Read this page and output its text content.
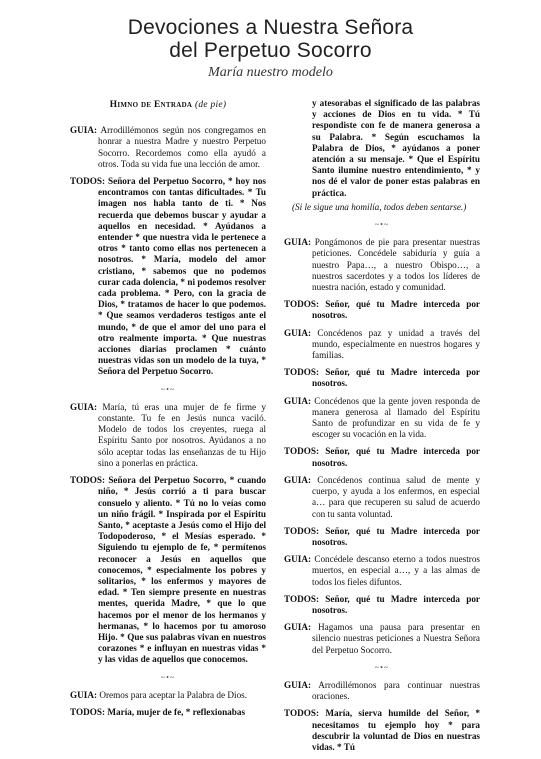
Devociones a Nuestra Señora
del Perpetuo Socorro
María nuestro modelo
Himno de Entrada (de pie)
GUIA: Arrodillémonos según nos congregamos en honrar a nuestra Madre y nuestro Perpetuo Socorro. Recordemos como ella ayudó a otros. Toda su vida fue una lección de amor.
TODOS: Señora del Perpetuo Socorro, * hoy nos encontramos con tantas dificultades. * Tu imagen nos habla tanto de ti. * Nos recuerda que debemos buscar y ayudar a aquellos en necesidad. * Ayúdanos a entender * que nuestra vida le pertenece a otros * tanto como ellas nos pertenecen a nosotros. * María, modelo del amor cristiano, * sabemos que no podemos curar cada dolencia, * ni podemos resolver cada problema. * Pero, con la gracia de Dios, * tratamos de hacer lo que podemos. * Que seamos verdaderos testigos ante el mundo, * de que el amor del uno para el otro realmente importa. * Que nuestras acciones diarias proclamen * cuánto nuestras vidas son un modelo de la tuya, * Señora del Perpetuo Socorro.
~•~
GUIA: María, tú eras una mujer de fe firme y constante. Tu fe en Jesús nunca vaciló. Modelo de todos los creyentes, ruega al Espíritu Santo por nosotros. Ayúdanos a no sólo aceptar todas las enseñanzas de tu Hijo sino a ponerlas en práctica.
TODOS: Señora del Perpetuo Socorro, * cuando niño, * Jesús corrió a ti para buscar consuelo y aliento. * Tú no lo veías como un niño frágil. * Inspirada por el Espíritu Santo, * aceptaste a Jesús como el Hijo del Todopoderoso, * el Mesías esperado. * Siguiendo tu ejemplo de fe, * permítenos reconocer a Jesús en aquellos que conocemos, * especialmente los pobres y solitarios, * los enfermos y mayores de edad. * Ten siempre presente en nuestras mentes, querida Madre, * que lo que hacemos por el menor de los hermanos y hermanas, * lo hacemos por tu amoroso Hijo. * Que sus palabras vivan en nuestros corazones * e influyan en nuestras vidas * y las vidas de aquellos que conocemos.
~•~
GUIA: Oremos para aceptar la Palabra de Dios.
TODOS: María, mujer de fe, * reflexionabas
y atesorabas el significado de las palabras y acciones de Dios en tu vida. * Tú respondiste con fe de manera generosa a su Palabra. * Según escuchamos la Palabra de Dios, * ayúdanos a poner atención a su mensaje. * Que el Espíritu Santo ilumine nuestro entendimiento, * y nos dé el valor de poner estas palabras en práctica.
(Si le sigue una homilía, todos deben sentarse.)
~•~
GUIA: Pongámonos de pie para presentar nuestras peticiones. Concédele sabiduría y guía a nuestro Papa…, a nuestro Obispo…, a nuestros sacerdotes y a todos los líderes de nuestra nación, estado y comunidad.
TODOS: Señor, qué tu Madre interceda por nosotros.
GUIA: Concédenos paz y unidad a través del mundo, especialmente en nuestros hogares y familias.
TODOS: Señor, qué tu Madre interceda por nosotros.
GUIA: Concédenos que la gente joven responda de manera generosa al llamado del Espíritu Santo de profundizar en su vida de fe y escoger su vocación en la vida.
TODOS: Señor, qué tu Madre interceda por nosotros.
GUIA: Concédenos continua salud de mente y cuerpo, y ayuda a los enfermos, en especial a… para que recuperen su salud de acuerdo con tu santa voluntad.
TODOS: Señor, qué tu Madre interceda por nosotros.
GUIA: Concédele descanso eterno a todos nuestros muertos, en especial a…, y a las almas de todos los fieles difuntos.
TODOS: Señor, qué tu Madre interceda por nosotros.
GUIA: Hagamos una pausa para presentar en silencio nuestras peticiones a Nuestra Señora del Perpetuo Socorro.
~•~
GUIA: Arrodillémonos para continuar nuestras oraciones.
TODOS: María, sierva humilde del Señor, * necesitamos tu ejemplo hoy * para descubrir la voluntad de Dios en nuestras vidas. * Tú
